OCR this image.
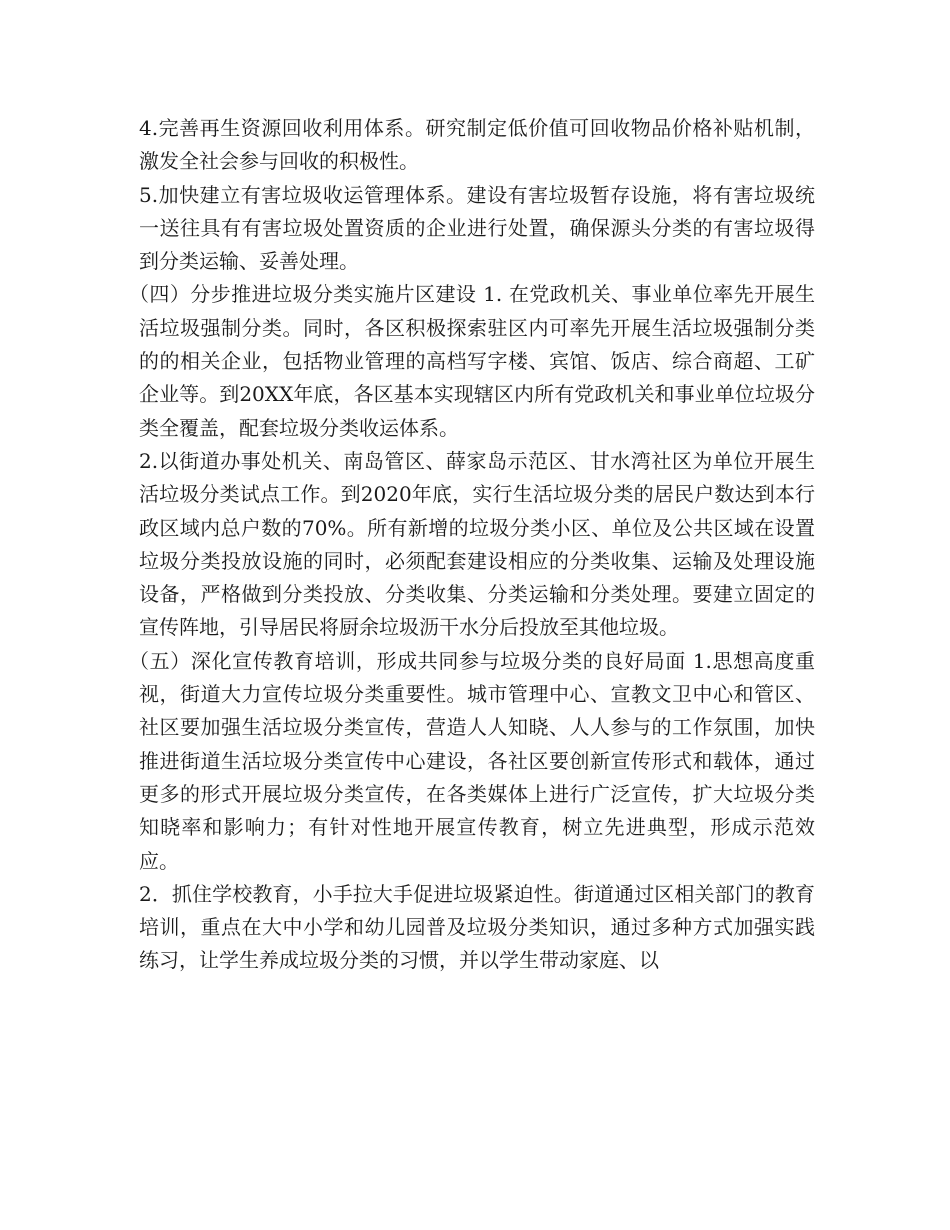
4.完善再生资源回收利用体系。研究制定低价值可回收物品价格补贴机制，激发全社会参与回收的积极性。

5.加快建立有害垃圾收运管理体系。建设有害垃圾暂存设施，将有害垃圾统一送往具有有害垃圾处置资质的企业进行处置，确保源头分类的有害垃圾得到分类运输、妥善处理。

（四）分步推进垃圾分类实施片区建设 1. 在党政机关、事业单位率先开展生活垃圾强制分类。同时，各区积极探索驻区内可率先开展生活垃圾强制分类的的相关企业，包括物业管理的高档写字楼、宾馆、饭店、综合商超、工矿企业等。到20XX年底，各区基本实现辖区内所有党政机关和事业单位垃圾分类全覆盖，配套垃圾分类收运体系。

2.以街道办事处机关、南岛管区、薛家岛示范区、甘水湾社区为单位开展生活垃圾分类试点工作。到2020年底，实行生活垃圾分类的居民户数达到本行政区域内总户数的70%。所有新增的垃圾分类小区、单位及公共区域在设置垃圾分类投放设施的同时，必须配套建设相应的分类收集、运输及处理设施设备，严格做到分类投放、分类收集、分类运输和分类处理。要建立固定的宣传阵地，引导居民将厨余垃圾沥干水分后投放至其他垃圾。

（五）深化宣传教育培训，形成共同参与垃圾分类的良好局面 1.思想高度重视，街道大力宣传垃圾分类重要性。城市管理中心、宣教文卫中心和管区、社区要加强生活垃圾分类宣传，营造人人知晓、人人参与的工作氛围，加快推进街道生活垃圾分类宣传中心建设，各社区要创新宣传形式和载体，通过更多的形式开展垃圾分类宣传，在各类媒体上进行广泛宣传，扩大垃圾分类知晓率和影响力；有针对性地开展宣传教育，树立先进典型，形成示范效应。

2．抓住学校教育，小手拉大手促进垃圾紧迫性。街道通过区相关部门的教育培训，重点在大中小学和幼儿园普及垃圾分类知识，通过多种方式加强实践练习，让学生养成垃圾分类的习惯，并以学生带动家庭、以
